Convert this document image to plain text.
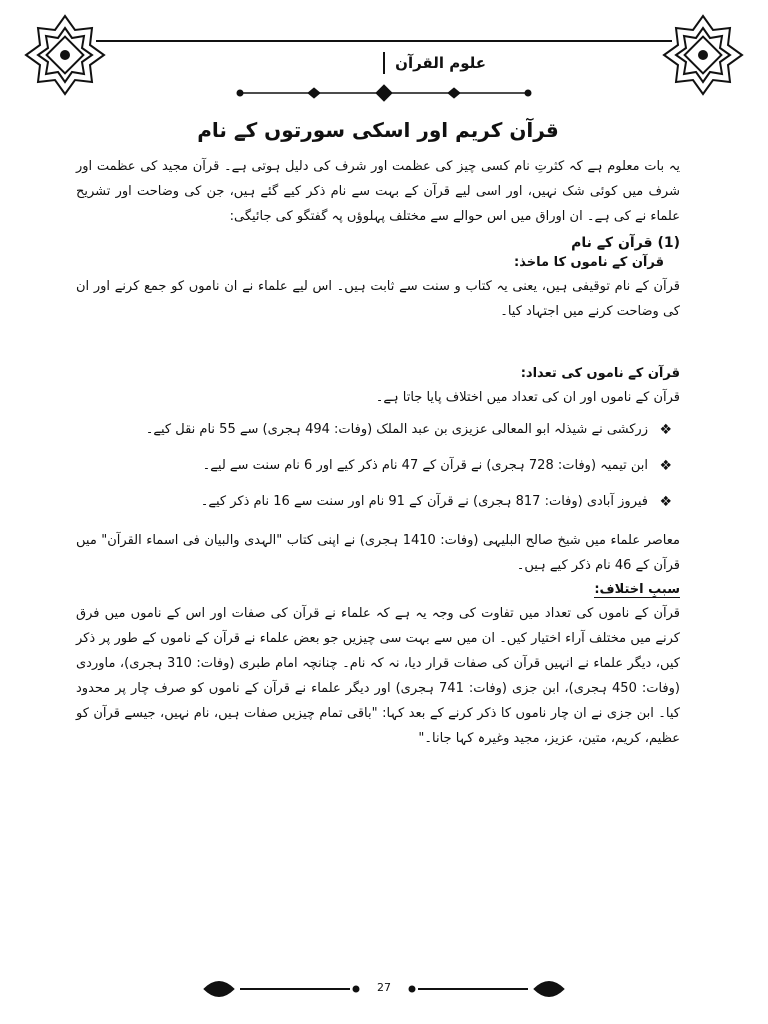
علوم القرآن
قرآن کریم اور اسکی سورتوں کے نام

یہ بات معلوم ہے کہ کثرتِ نام کسی چیز کی عظمت اور شرف کی دلیل ہوتی ہے۔ قرآن مجید کی عظمت اور شرف میں کوئی شک نہیں، اور اسی لیے قرآن کے بہت سے نام ذکر کیے گئے ہیں، جن کی وضاحت اور تشریح علماء نے کی ہے۔ ان اوراق میں اس حوالے سے مختلف پہلوؤں پہ گفتگو کی جائیگی:

(1) قرآن کے نام
قرآن کے ناموں کا ماخذ:

قرآن کے نام توقیفی ہیں، یعنی یہ کتاب و سنت سے ثابت ہیں۔ اس لیے علماء نے ان ناموں کو جمع کرنے اور ان کی وضاحت کرنے میں اجتہاد کیا۔

قرآن کے ناموں کی تعداد:

قرآن کے ناموں اور ان کی تعداد میں اختلاف پایا جاتا ہے۔

❖
زرکشی نے شیذلہ ابو المعالی عزیزی بن عبد الملک (وفات: 494 ہجری) سے 55 نام نقل کیے۔
❖
ابن تیمیہ (وفات: 728 ہجری) نے قرآن کے 47 نام ذکر کیے اور 6 نام سنت سے لیے۔
❖
فیروز آبادی (وفات: 817 ہجری) نے قرآن کے 91 نام اور سنت سے 16 نام ذکر کیے۔

معاصر علماء میں شیخ صالح البلیہی (وفات: 1410 ہجری) نے اپنی کتاب "الہدی والبیان فی اسماء القرآن" میں قرآن کے 46 نام ذکر کیے ہیں۔

سببِ اختلاف:

قرآن کے ناموں کی تعداد میں تفاوت کی وجہ یہ ہے کہ علماء نے قرآن کی صفات اور اس کے ناموں میں فرق کرنے میں مختلف آراء اختیار کیں۔ ان میں سے بہت سی چیزیں جو بعض علماء نے قرآن کے ناموں کے طور پر ذکر کیں، دیگر علماء نے انہیں قرآن کی صفات قرار دیا، نہ کہ نام۔ چنانچہ امام طبری (وفات: 310 ہجری)، ماوردی (وفات: 450 ہجری)، ابن جزی (وفات: 741 ہجری) اور دیگر علماء نے قرآن کے ناموں کو صرف چار پر محدود کیا۔ ابن جزی نے ان چار ناموں کا ذکر کرنے کے بعد کہا: "باقی تمام چیزیں صفات ہیں، نام نہیں، جیسے قرآن کو عظیم، کریم، متین، عزیز، مجید وغیرہ کہا جانا۔"

27
